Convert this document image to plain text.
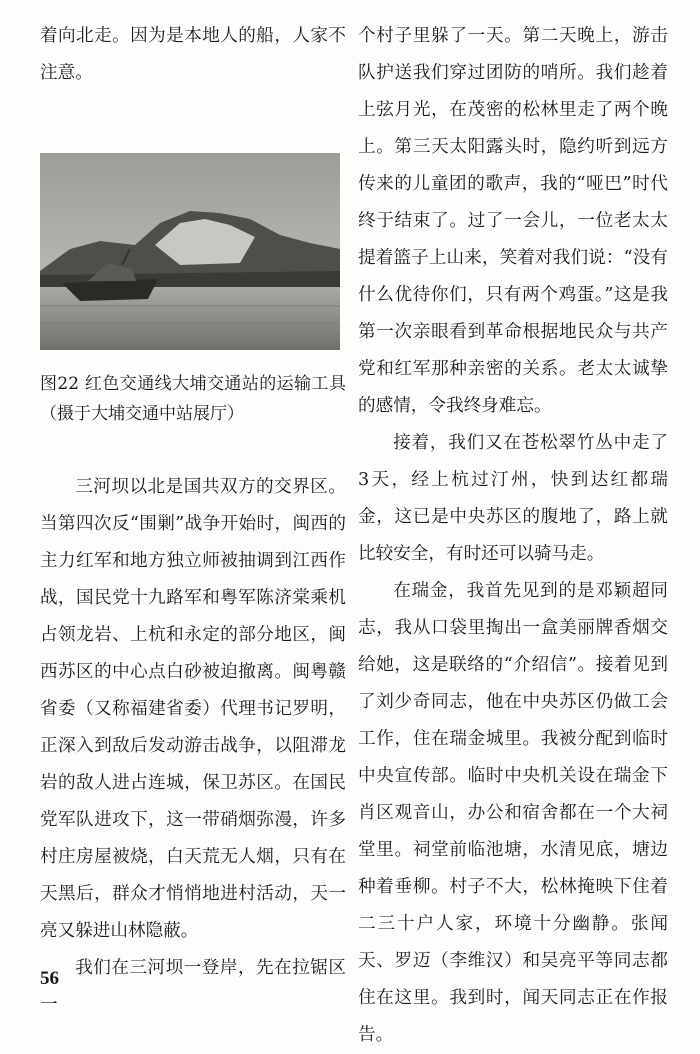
着向北走。因为是本地人的船，人家不注意。

图22 红色交通线大埔交通站的运输工具（摄于大埔交通中站展厅）

三河坝以北是国共双方的交界区。当第四次反“围剿”战争开始时，闽西的主力红军和地方独立师被抽调到江西作战，国民党十九路军和粤军陈济棠乘机占领龙岩、上杭和永定的部分地区，闽西苏区的中心点白砂被迫撤离。闽粤赣省委（又称福建省委）代理书记罗明，正深入到敌后发动游击战争，以阻滞龙岩的敌人进占连城，保卫苏区。在国民党军队进攻下，这一带硝烟弥漫，许多村庄房屋被烧，白天荒无人烟，只有在天黑后，群众才悄悄地进村活动，天一亮又躲进山林隐蔽。

我们在三河坝一登岸，先在拉锯区一

个村子里躲了一天。第二天晚上，游击队护送我们穿过团防的哨所。我们趁着上弦月光，在茂密的松林里走了两个晚上。第三天太阳露头时，隐约听到远方传来的儿童团的歌声，我的“哑巴”时代终于结束了。过了一会儿，一位老太太提着篮子上山来，笑着对我们说：“没有什么优待你们，只有两个鸡蛋。”这是我第一次亲眼看到革命根据地民众与共产党和红军那种亲密的关系。老太太诚挚的感情，令我终身难忘。

接着，我们又在苍松翠竹丛中走了3天，经上杭过汀州，快到达红都瑞金，这已是中央苏区的腹地了，路上就比较安全，有时还可以骑马走。

在瑞金，我首先见到的是邓颖超同志，我从口袋里掏出一盒美丽牌香烟交给她，这是联络的“介绍信”。接着见到了刘少奇同志，他在中央苏区仍做工会工作，住在瑞金城里。我被分配到临时中央宣传部。临时中央机关设在瑞金下肖区观音山，办公和宿舍都在一个大祠堂里。祠堂前临池塘，水清见底，塘边种着垂柳。村子不大，松林掩映下住着二三十户人家，环境十分幽静。张闻天、罗迈（李维汉）和吴亮平等同志都住在这里。我到时，闻天同志正在作报告。

56
